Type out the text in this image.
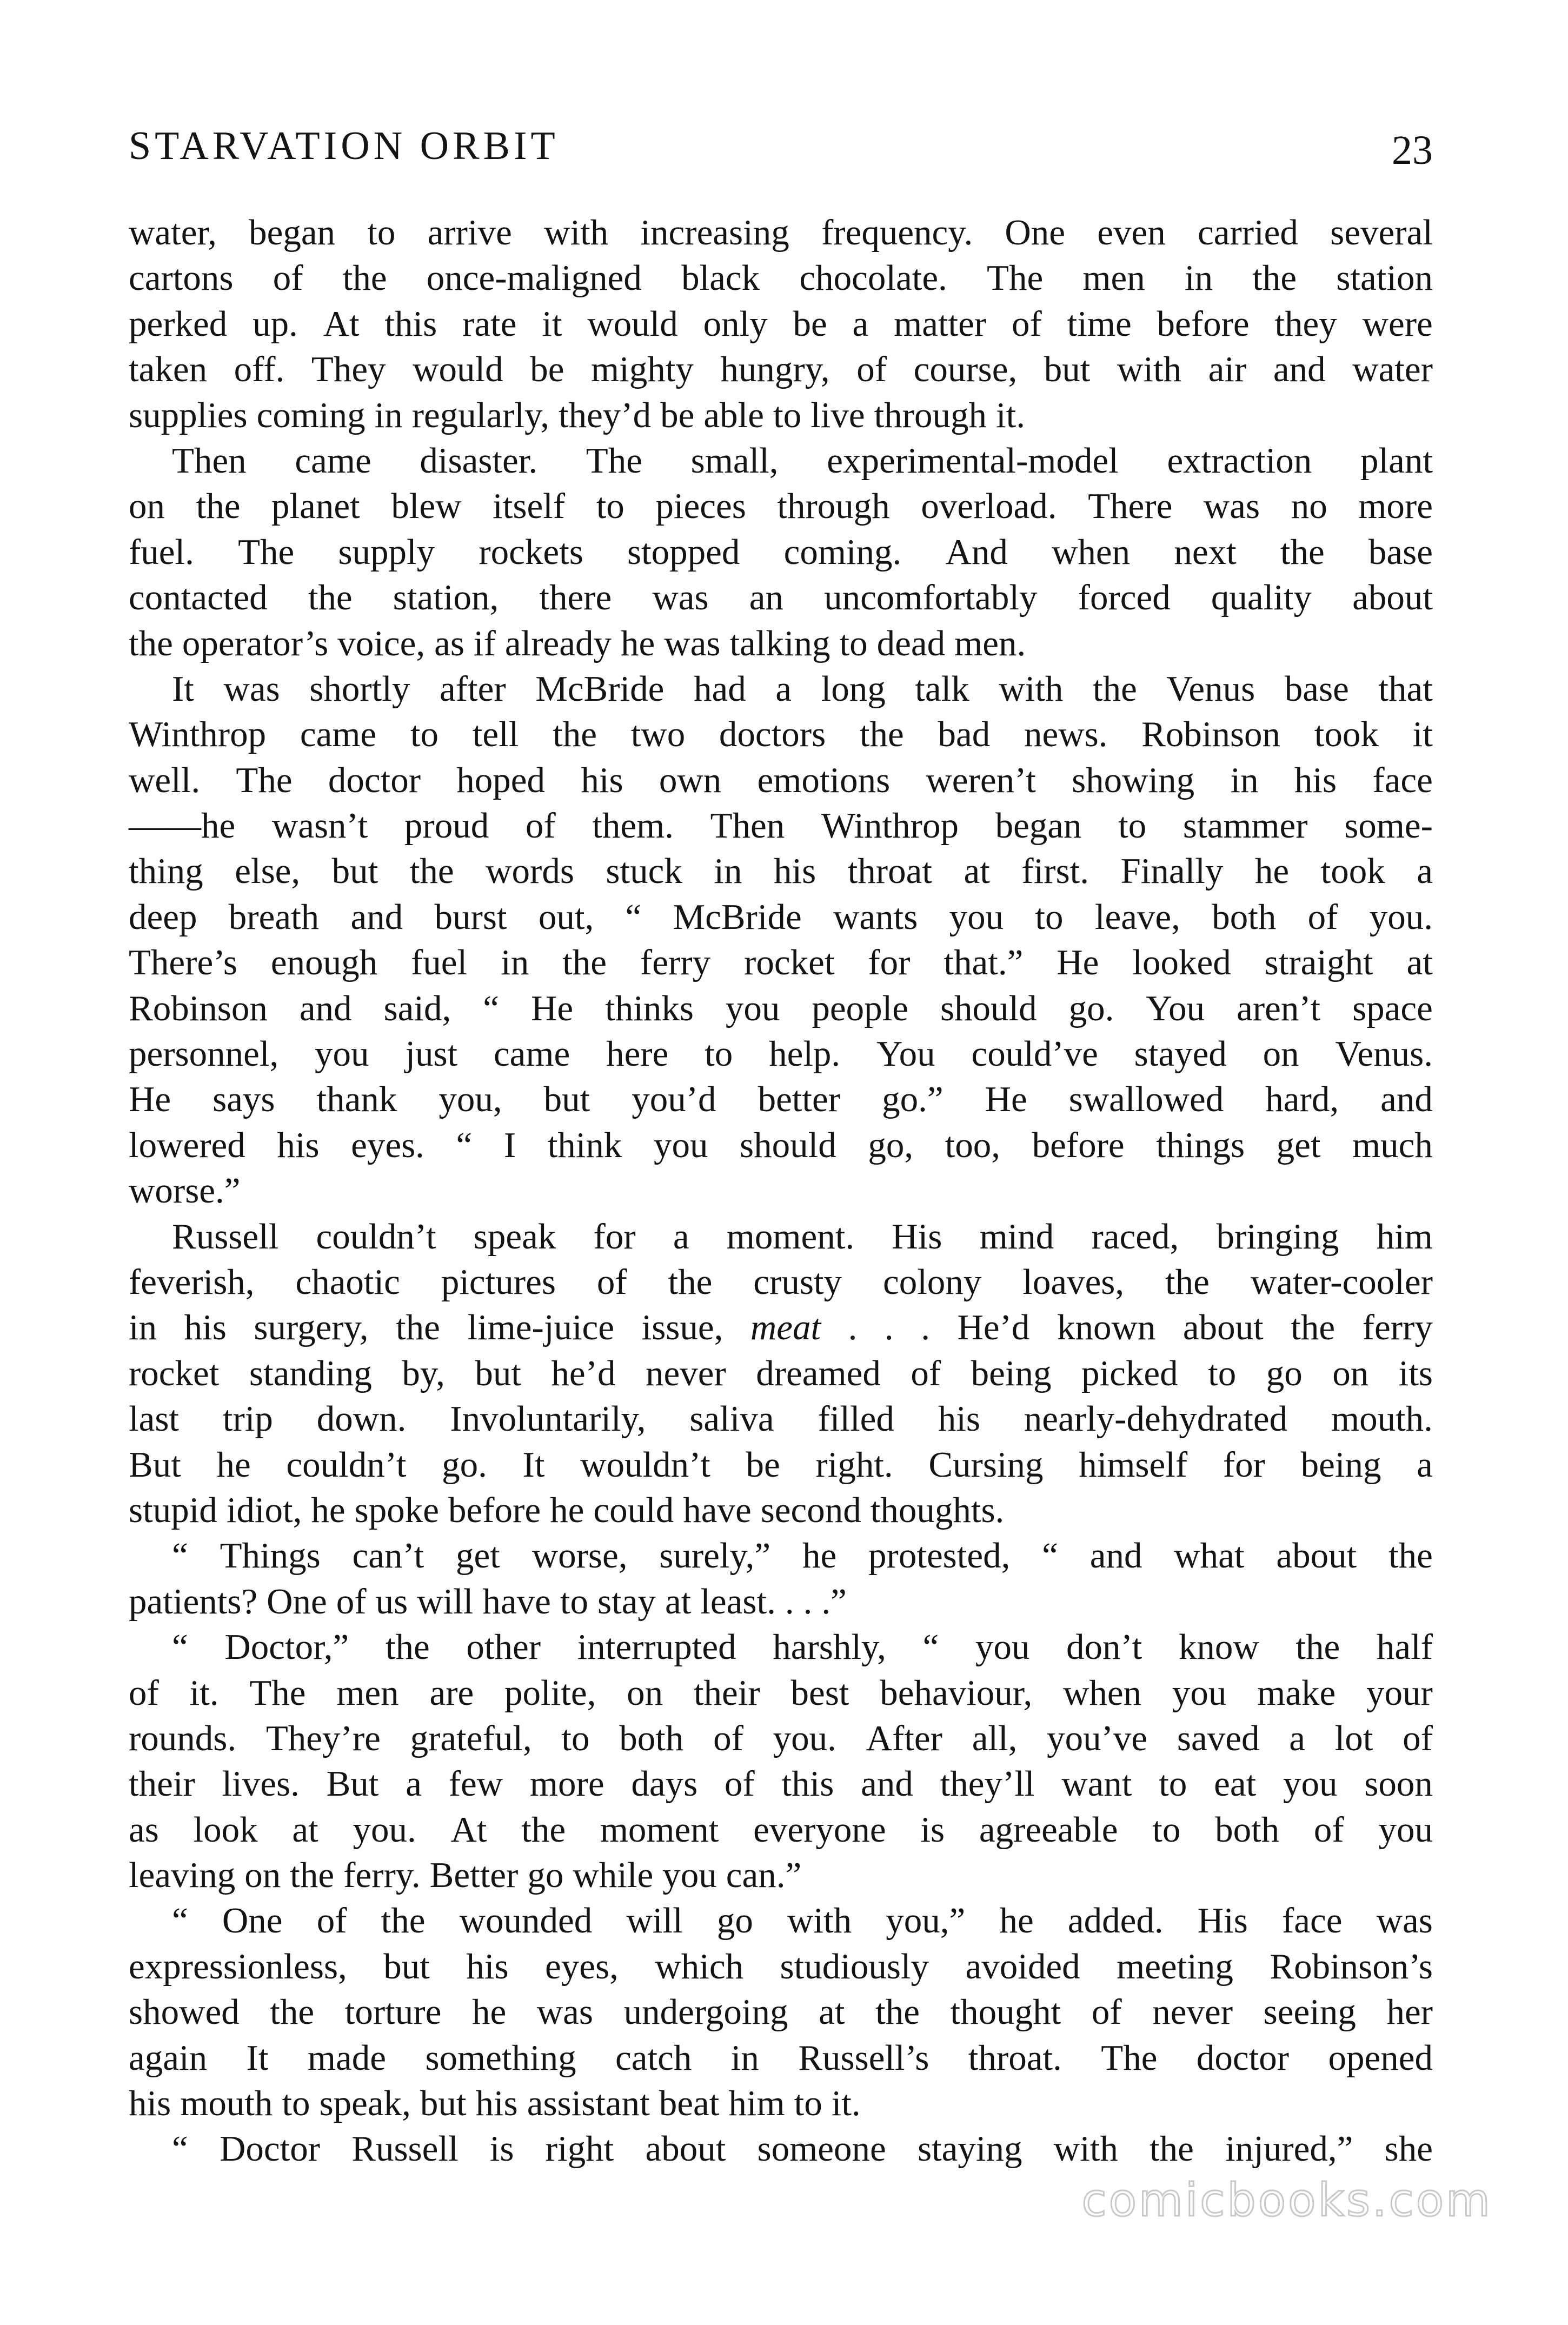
STARVATION ORBIT	23
water, began to arrive with increasing frequency. One even carried several
cartons of the once-maligned black chocolate. The men in the station
perked up. At this rate it would only be a matter of time before they were
taken off. They would be mighty hungry, of course, but with air and water
supplies coming in regularly, they’d be able to live through it.
Then came disaster. The small, experimental-model extraction plant
on the planet blew itself to pieces through overload. There was no more
fuel. The supply rockets stopped coming. And when next the base
contacted the station, there was an uncomfortably forced quality about
the operator’s voice, as if already he was talking to dead men.
It was shortly after McBride had a long talk with the Venus base that
Winthrop came to tell the two doctors the bad news. Robinson took it
well. The doctor hoped his own emotions weren’t showing in his face
——he wasn’t proud of them. Then Winthrop began to stammer some-
thing else, but the words stuck in his throat at first. Finally he took a
deep breath and burst out, “ McBride wants you to leave, both of you.
There’s enough fuel in the ferry rocket for that.” He looked straight at
Robinson and said, “ He thinks you people should go. You aren’t space
personnel, you just came here to help. You could’ve stayed on Venus.
He says thank you, but you’d better go.” He swallowed hard, and
lowered his eyes. “ I think you should go, too, before things get much
worse.”
Russell couldn’t speak for a moment. His mind raced, bringing him
feverish, chaotic pictures of the crusty colony loaves, the water-cooler
in his surgery, the lime-juice issue, meat . . . He’d known about the ferry
rocket standing by, but he’d never dreamed of being picked to go on its
last trip down. Involuntarily, saliva filled his nearly-dehydrated mouth.
But he couldn’t go. It wouldn’t be right. Cursing himself for being a
stupid idiot, he spoke before he could have second thoughts.
“ Things can’t get worse, surely,” he protested, “ and what about the
patients? One of us will have to stay at least. . . .”
“ Doctor,” the other interrupted harshly, “ you don’t know the half
of it. The men are polite, on their best behaviour, when you make your
rounds. They’re grateful, to both of you. After all, you’ve saved a lot of
their lives. But a few more days of this and they’ll want to eat you soon
as look at you. At the moment everyone is agreeable to both of you
leaving on the ferry. Better go while you can.”
“ One of the wounded will go with you,” he added. His face was
expressionless, but his eyes, which studiously avoided meeting Robinson’s
showed the torture he was undergoing at the thought of never seeing her
again It made something catch in Russell’s throat. The doctor opened
his mouth to speak, but his assistant beat him to it.
“ Doctor Russell is right about someone staying with the injured,” she
comicbooks.com
